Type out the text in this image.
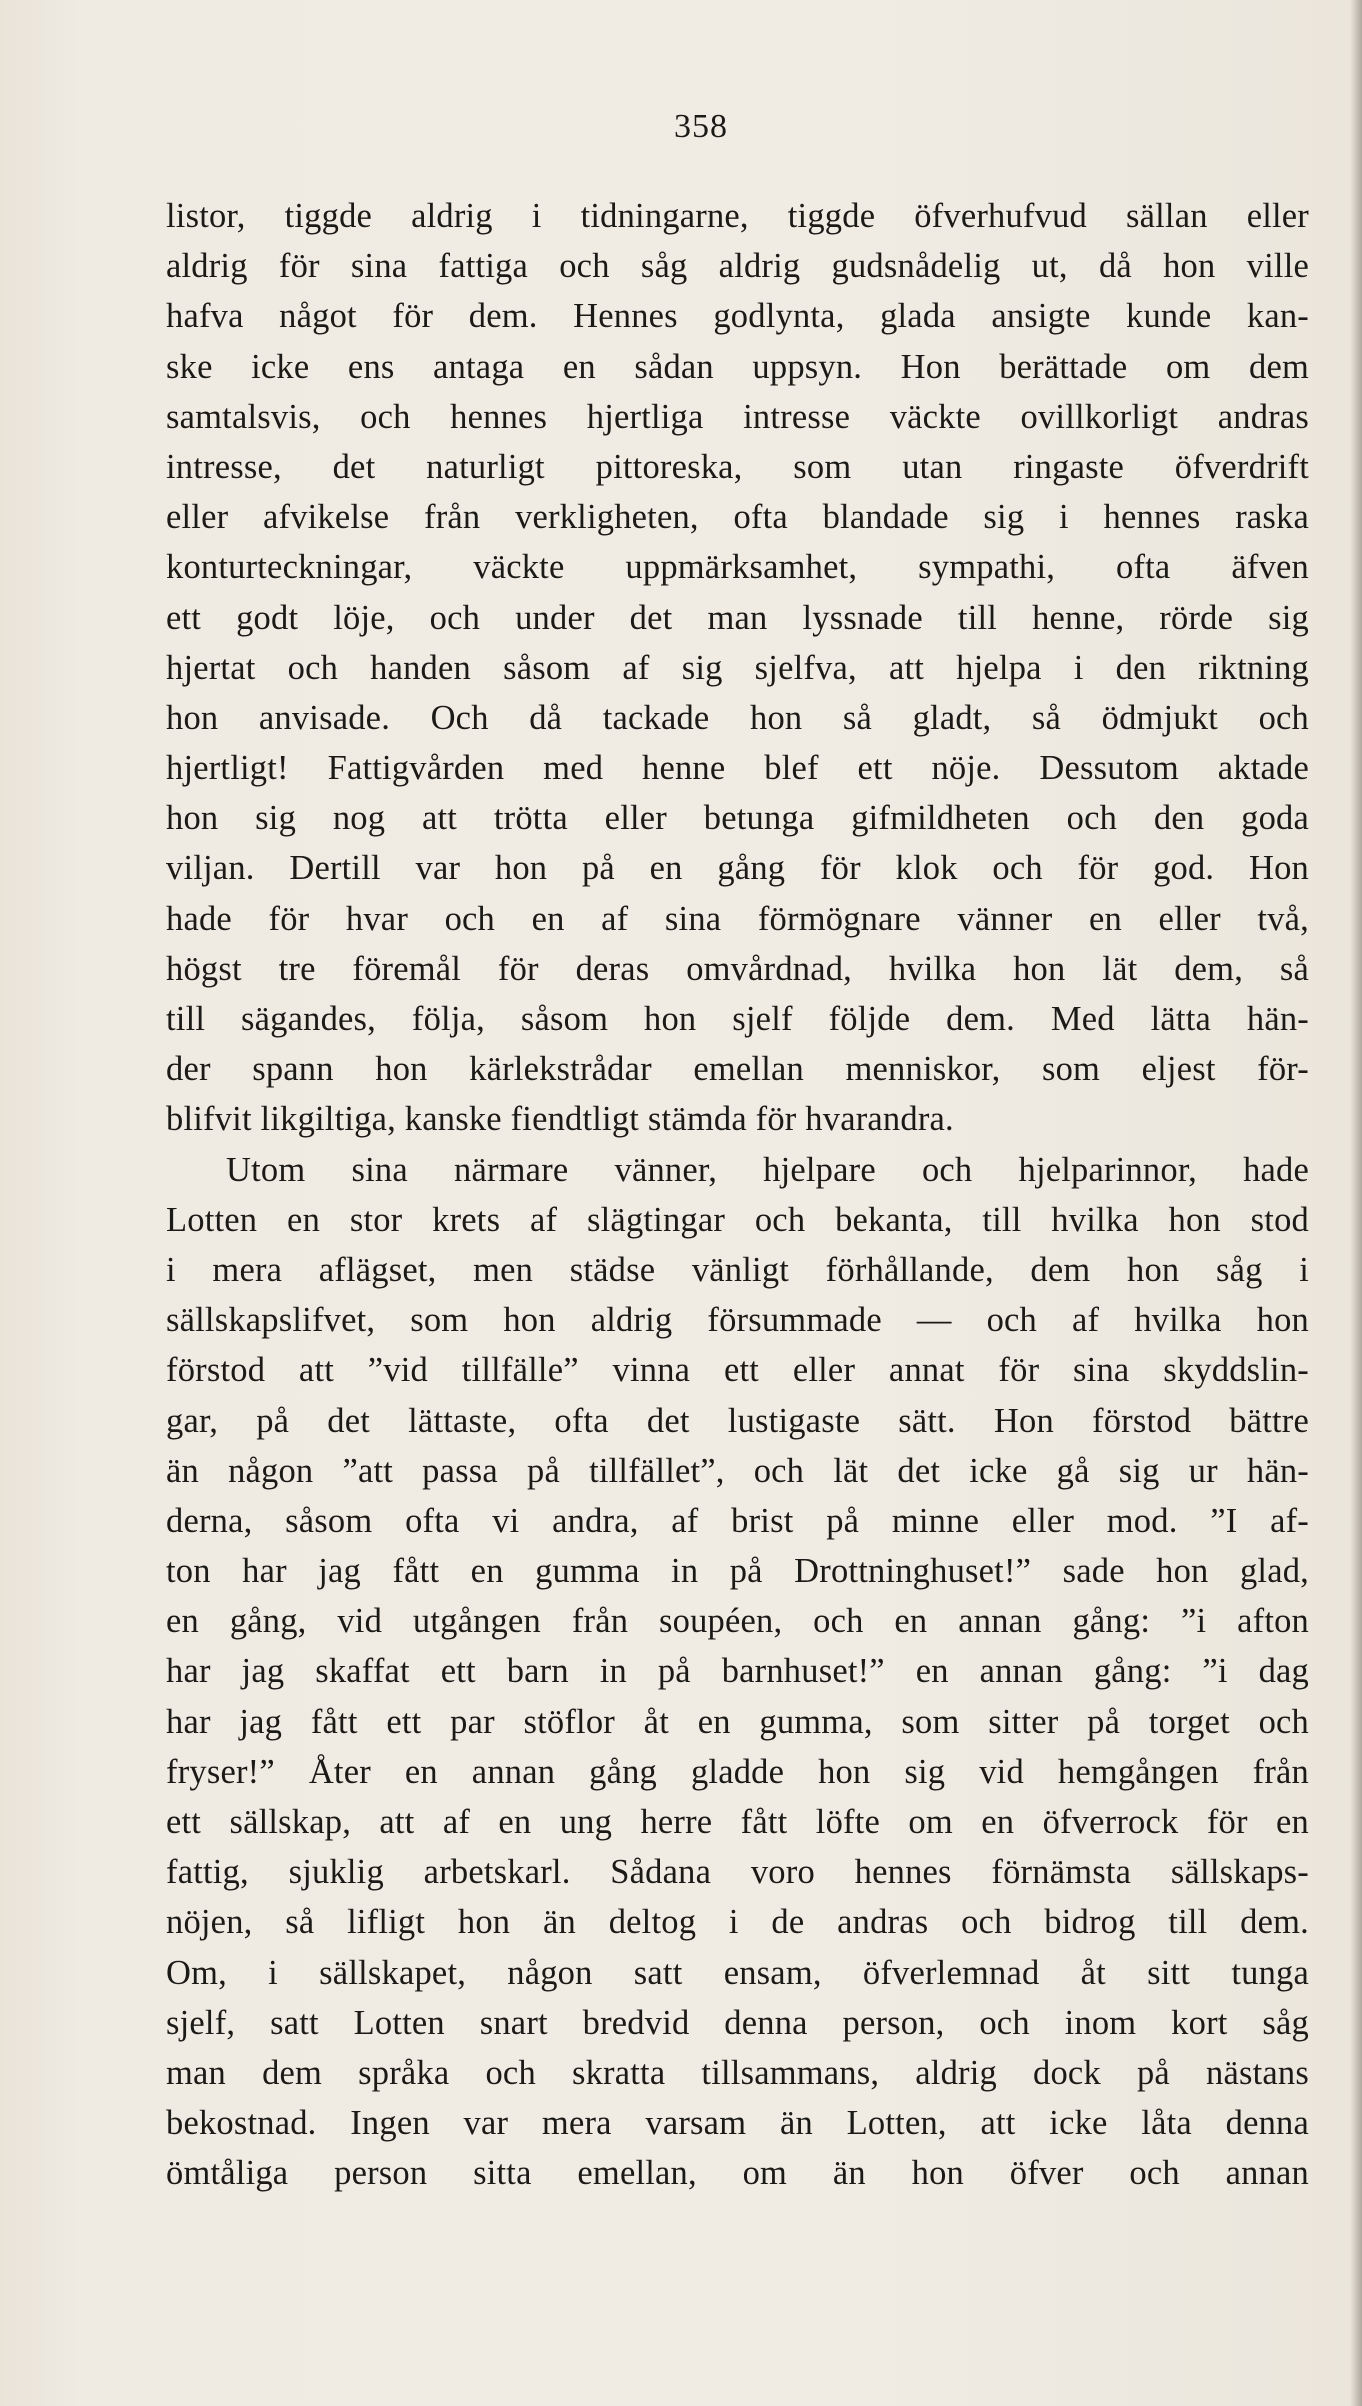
358
listor, tiggde aldrig i tidningarne, tiggde öfverhufvud sällan eller
aldrig för sina fattiga och såg aldrig gudsnådelig ut, då hon ville
hafva något för dem. Hennes godlynta, glada ansigte kunde kan-
ske icke ens antaga en sådan uppsyn. Hon berättade om dem
samtalsvis, och hennes hjertliga intresse väckte ovillkorligt andras
intresse, det naturligt pittoreska, som utan ringaste öfverdrift
eller afvikelse från verkligheten, ofta blandade sig i hennes raska
konturteckningar, väckte uppmärksamhet, sympathi, ofta äfven
ett godt löje, och under det man lyssnade till henne, rörde sig
hjertat och handen såsom af sig sjelfva, att hjelpa i den riktning
hon anvisade. Och då tackade hon så gladt, så ödmjukt och
hjertligt! Fattigvården med henne blef ett nöje. Dessutom aktade
hon sig nog att trötta eller betunga gifmildheten och den goda
viljan. Dertill var hon på en gång för klok och för god. Hon
hade för hvar och en af sina förmögnare vänner en eller två,
högst tre föremål för deras omvårdnad, hvilka hon lät dem, så
till sägandes, följa, såsom hon sjelf följde dem. Med lätta hän-
der spann hon kärlekstrådar emellan menniskor, som eljest för-
blifvit likgiltiga, kanske fiendtligt stämda för hvarandra.
Utom sina närmare vänner, hjelpare och hjelparinnor, hade
Lotten en stor krets af slägtingar och bekanta, till hvilka hon stod
i mera aflägset, men städse vänligt förhållande, dem hon såg i
sällskapslifvet, som hon aldrig försummade — och af hvilka hon
förstod att ”vid tillfälle” vinna ett eller annat för sina skyddslin-
gar, på det lättaste, ofta det lustigaste sätt. Hon förstod bättre
än någon ”att passa på tillfället”, och lät det icke gå sig ur hän-
derna, såsom ofta vi andra, af brist på minne eller mod. ”I af-
ton har jag fått en gumma in på Drottninghuset!” sade hon glad,
en gång, vid utgången från soupéen, och en annan gång: ”i afton
har jag skaffat ett barn in på barnhuset!” en annan gång: ”i dag
har jag fått ett par stöflor åt en gumma, som sitter på torget och
fryser!” Åter en annan gång gladde hon sig vid hemgången från
ett sällskap, att af en ung herre fått löfte om en öfverrock för en
fattig, sjuklig arbetskarl. Sådana voro hennes förnämsta sällskaps-
nöjen, så lifligt hon än deltog i de andras och bidrog till dem.
Om, i sällskapet, någon satt ensam, öfverlemnad åt sitt tunga
sjelf, satt Lotten snart bredvid denna person, och inom kort såg
man dem språka och skratta tillsammans, aldrig dock på nästans
bekostnad. Ingen var mera varsam än Lotten, att icke låta denna
ömtåliga person sitta emellan, om än hon öfver och annan
